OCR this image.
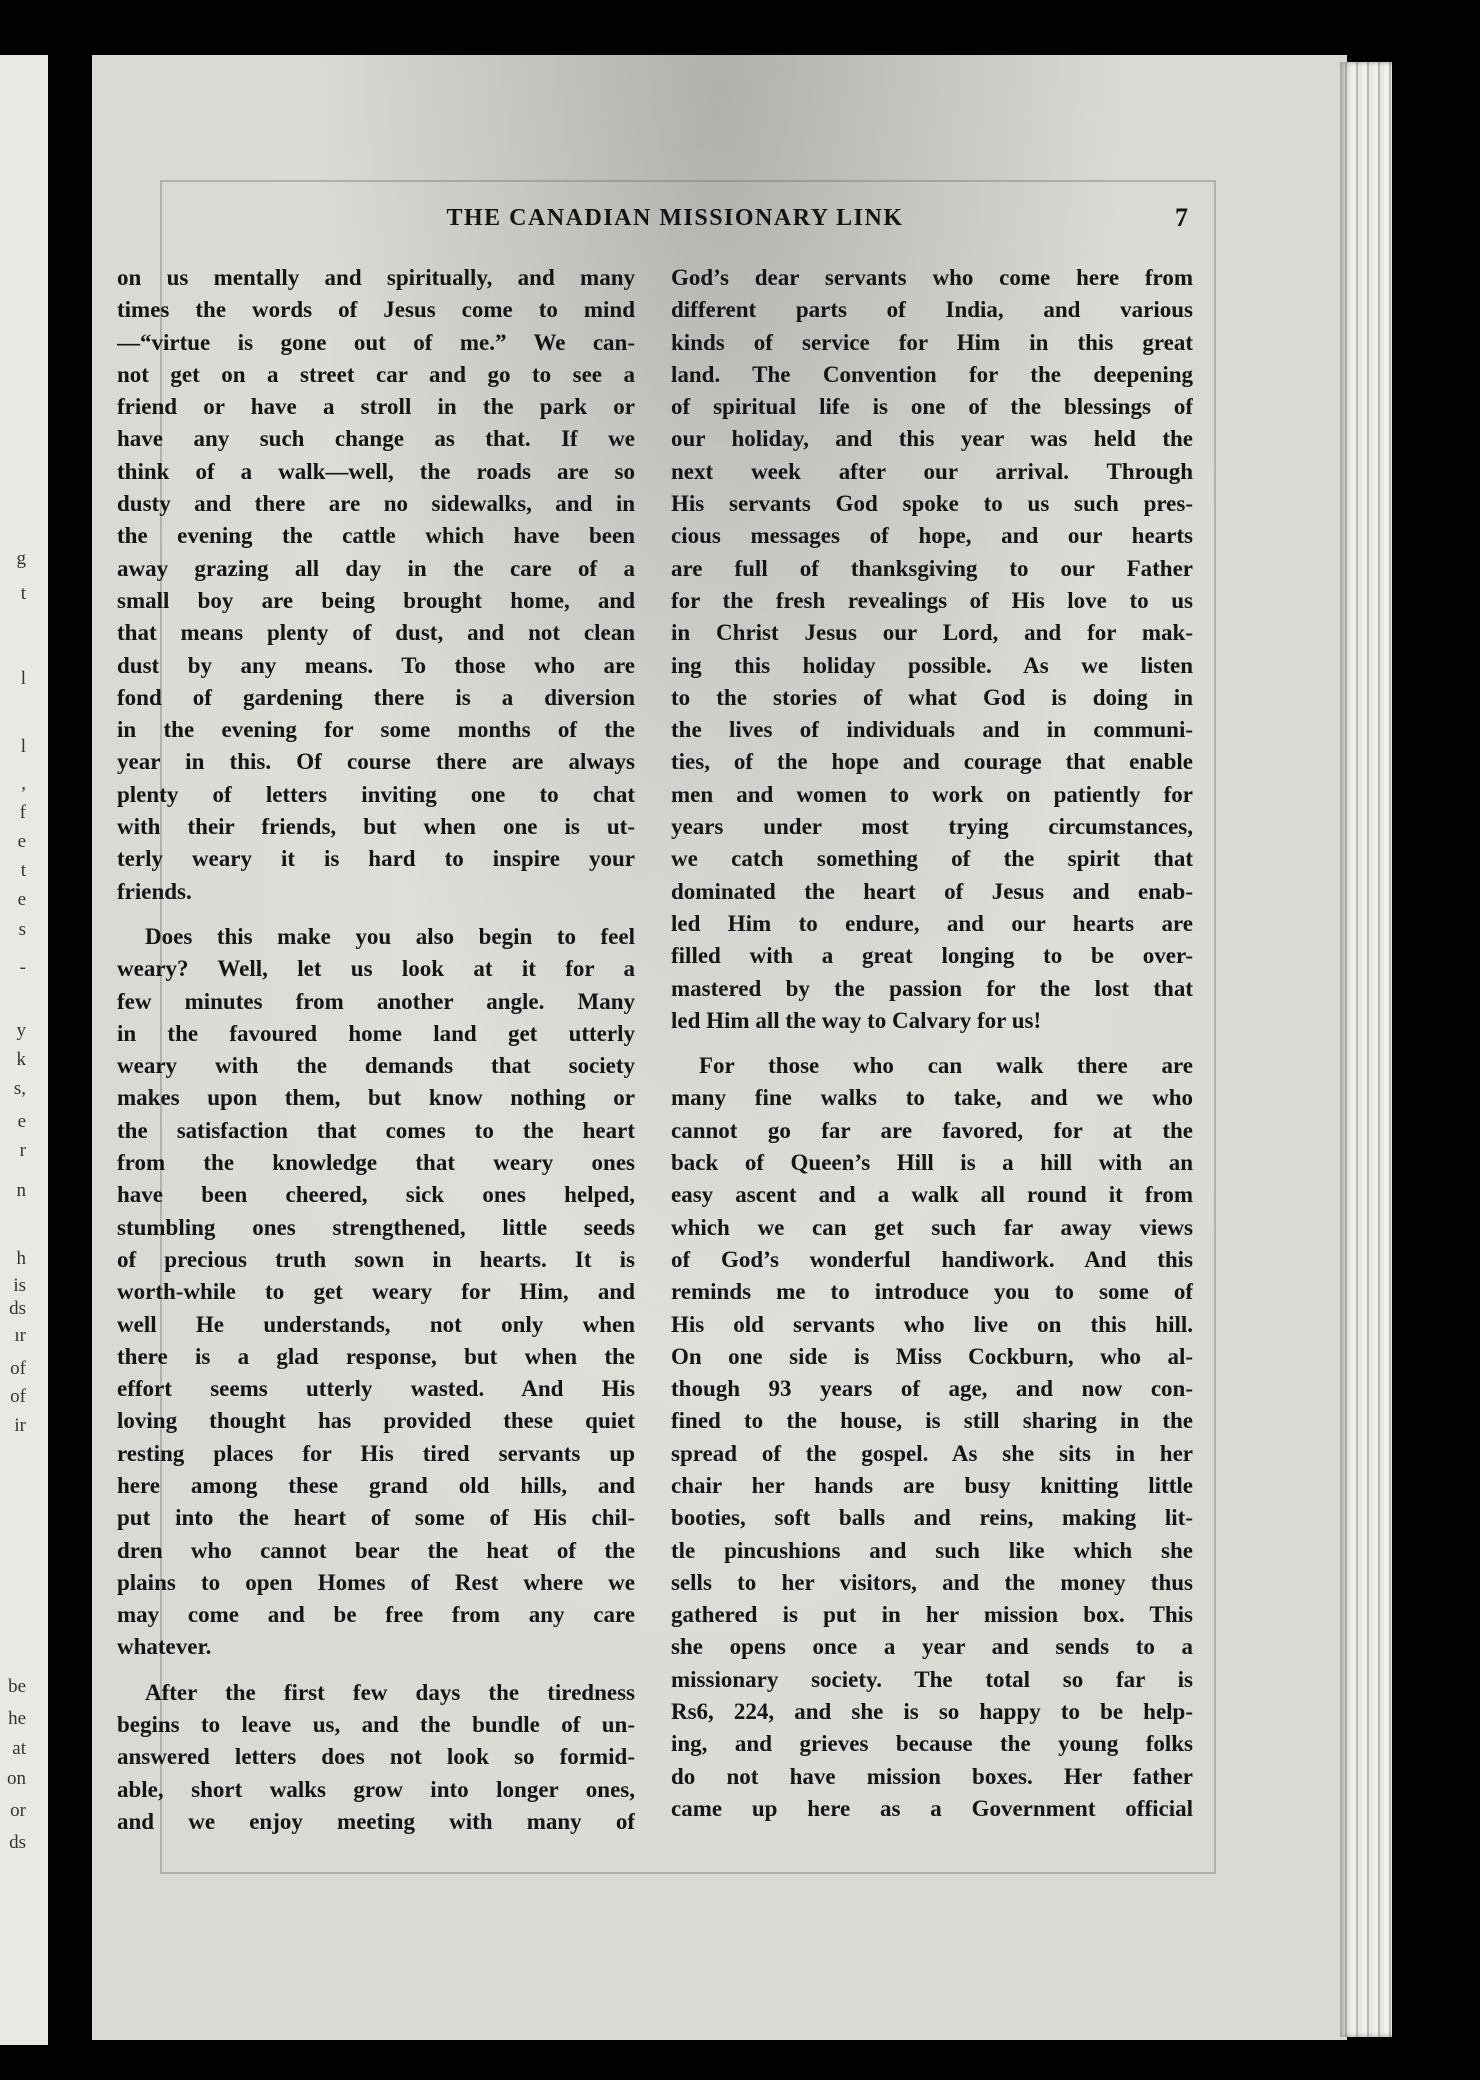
g
t
l
l
,
f
e
t
e
s
-
y
k
s,
e
r
n
h
is
ds
ır
of
of
ir
be
he
at
on
or
ds
THE CANADIAN MISSIONARY LINK	7
on us mentally and spiritually, and many
times the words of Jesus come to mind
—“virtue is gone out of me.” We can-
not get on a street car and go to see a
friend or have a stroll in the park or
have any such change as that. If we
think of a walk—well, the roads are so
dusty and there are no sidewalks, and in
the evening the cattle which have been
away grazing all day in the care of a
small boy are being brought home, and
that means plenty of dust, and not clean
dust by any means. To those who are
fond of gardening there is a diversion
in the evening for some months of the
year in this. Of course there are always
plenty of letters inviting one to chat
with their friends, but when one is ut-
terly weary it is hard to inspire your
friends.
Does this make you also begin to feel
weary? Well, let us look at it for a
few minutes from another angle. Many
in the favoured home land get utterly
weary with the demands that society
makes upon them, but know nothing or
the satisfaction that comes to the heart
from the knowledge that weary ones
have been cheered, sick ones helped,
stumbling ones strengthened, little seeds
of precious truth sown in hearts. It is
worth-while to get weary for Him, and
well He understands, not only when
there is a glad response, but when the
effort seems utterly wasted. And His
loving thought has provided these quiet
resting places for His tired servants up
here among these grand old hills, and
put into the heart of some of His chil-
dren who cannot bear the heat of the
plains to open Homes of Rest where we
may come and be free from any care
whatever.
After the first few days the tiredness
begins to leave us, and the bundle of un-
answered letters does not look so formid-
able, short walks grow into longer ones,
and we enjoy meeting with many of
God’s dear servants who come here from
different parts of India, and various
kinds of service for Him in this great
land. The Convention for the deepening
of spiritual life is one of the blessings of
our holiday, and this year was held the
next week after our arrival. Through
His servants God spoke to us such pres-
cious messages of hope, and our hearts
are full of thanksgiving to our Father
for the fresh revealings of His love to us
in Christ Jesus our Lord, and for mak-
ing this holiday possible. As we listen
to the stories of what God is doing in
the lives of individuals and in communi-
ties, of the hope and courage that enable
men and women to work on patiently for
years under most trying circumstances,
we catch something of the spirit that
dominated the heart of Jesus and enab-
led Him to endure, and our hearts are
filled with a great longing to be over-
mastered by the passion for the lost that
led Him all the way to Calvary for us!
For those who can walk there are
many fine walks to take, and we who
cannot go far are favored, for at the
back of Queen’s Hill is a hill with an
easy ascent and a walk all round it from
which we can get such far away views
of God’s wonderful handiwork. And this
reminds me to introduce you to some of
His old servants who live on this hill.
On one side is Miss Cockburn, who al-
though 93 years of age, and now con-
fined to the house, is still sharing in the
spread of the gospel. As she sits in her
chair her hands are busy knitting little
booties, soft balls and reins, making lit-
tle pincushions and such like which she
sells to her visitors, and the money thus
gathered is put in her mission box. This
she opens once a year and sends to a
missionary society. The total so far is
Rs6, 224, and she is so happy to be help-
ing, and grieves because the young folks
do not have mission boxes. Her father
came up here as a Government official
